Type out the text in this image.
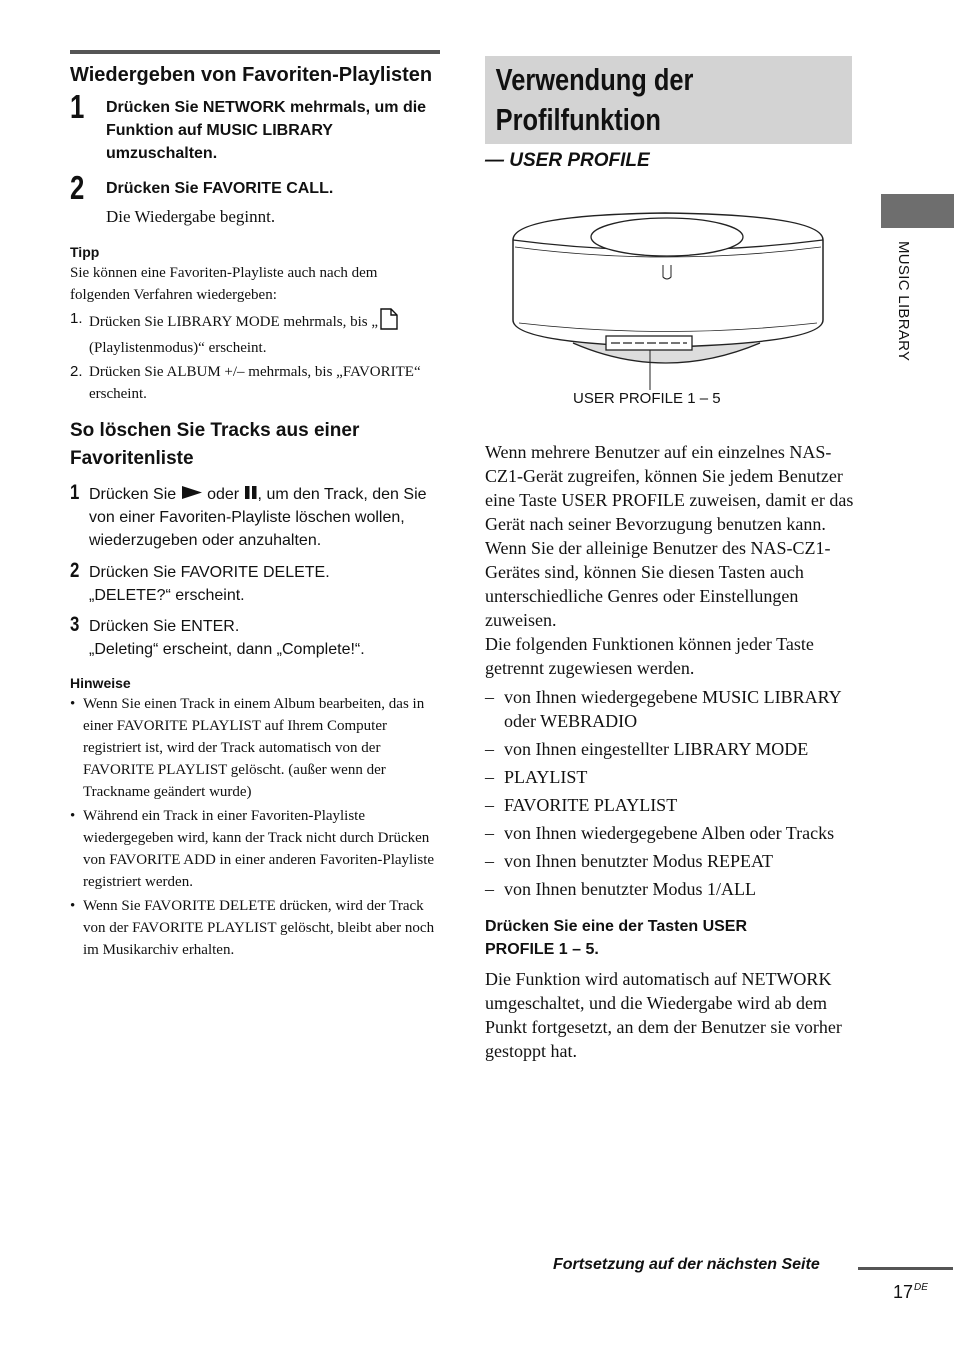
Wiedergeben von Favoriten-Playlisten
1 Drücken Sie NETWORK mehrmals, um die Funktion auf MUSIC LIBRARY umzuschalten.
2 Drücken Sie FAVORITE CALL.
Die Wiedergabe beginnt.
Tipp
Sie können eine Favoriten-Playliste auch nach dem folgenden Verfahren wiedergeben:
1. Drücken Sie LIBRARY MODE mehrmals, bis „
(Playlistenmodus)“ erscheint.
2. Drücken Sie ALBUM +/– mehrmals, bis „FAVORITE“ erscheint.
So löschen Sie Tracks aus einer Favoritenliste
1 Drücken Sie oder , um den Track, den Sie von einer Favoriten-Playliste löschen wollen, wiederzugeben oder anzuhalten.
2 Drücken Sie FAVORITE DELETE.
„DELETE?“ erscheint.
3 Drücken Sie ENTER.
„Deleting“ erscheint, dann „Complete!“.
Hinweise
• Wenn Sie einen Track in einem Album bearbeiten, das in einer FAVORITE PLAYLIST auf Ihrem Computer registriert ist, wird der Track automatisch von der FAVORITE PLAYLIST gelöscht. (außer wenn der Trackname geändert wurde)
• Während ein Track in einer Favoriten-Playliste wiedergegeben wird, kann der Track nicht durch Drücken von FAVORITE ADD in einer anderen Favoriten-Playliste registriert werden.
• Wenn Sie FAVORITE DELETE drücken, wird der Track von der FAVORITE PLAYLIST gelöscht, bleibt aber noch im Musikarchiv erhalten.
Verwendung der Profilfunktion
— USER PROFILE
USER PROFILE 1 – 5
Wenn mehrere Benutzer auf ein einzelnes NAS-CZ1-Gerät zugreifen, können Sie jedem Benutzer eine Taste USER PROFILE zuweisen, damit er das Gerät nach seiner Bevorzugung benutzen kann. Wenn Sie der alleinige Benutzer des NAS-CZ1-Gerätes sind, können Sie diesen Tasten auch unterschiedliche Genres oder Einstellungen zuweisen.
Die folgenden Funktionen können jeder Taste getrennt zugewiesen werden.
– von Ihnen wiedergegebene MUSIC LIBRARY oder WEBRADIO
– von Ihnen eingestellter LIBRARY MODE
– PLAYLIST
– FAVORITE PLAYLIST
– von Ihnen wiedergegebene Alben oder Tracks
– von Ihnen benutzter Modus REPEAT
– von Ihnen benutzter Modus 1/ALL
Drücken Sie eine der Tasten USER PROFILE 1 – 5.
Die Funktion wird automatisch auf NETWORK umgeschaltet, und die Wiedergabe wird ab dem Punkt fortgesetzt, an dem der Benutzer sie vorher gestoppt hat.
MUSIC LIBRARY
Fortsetzung auf der nächsten Seite
17DE
